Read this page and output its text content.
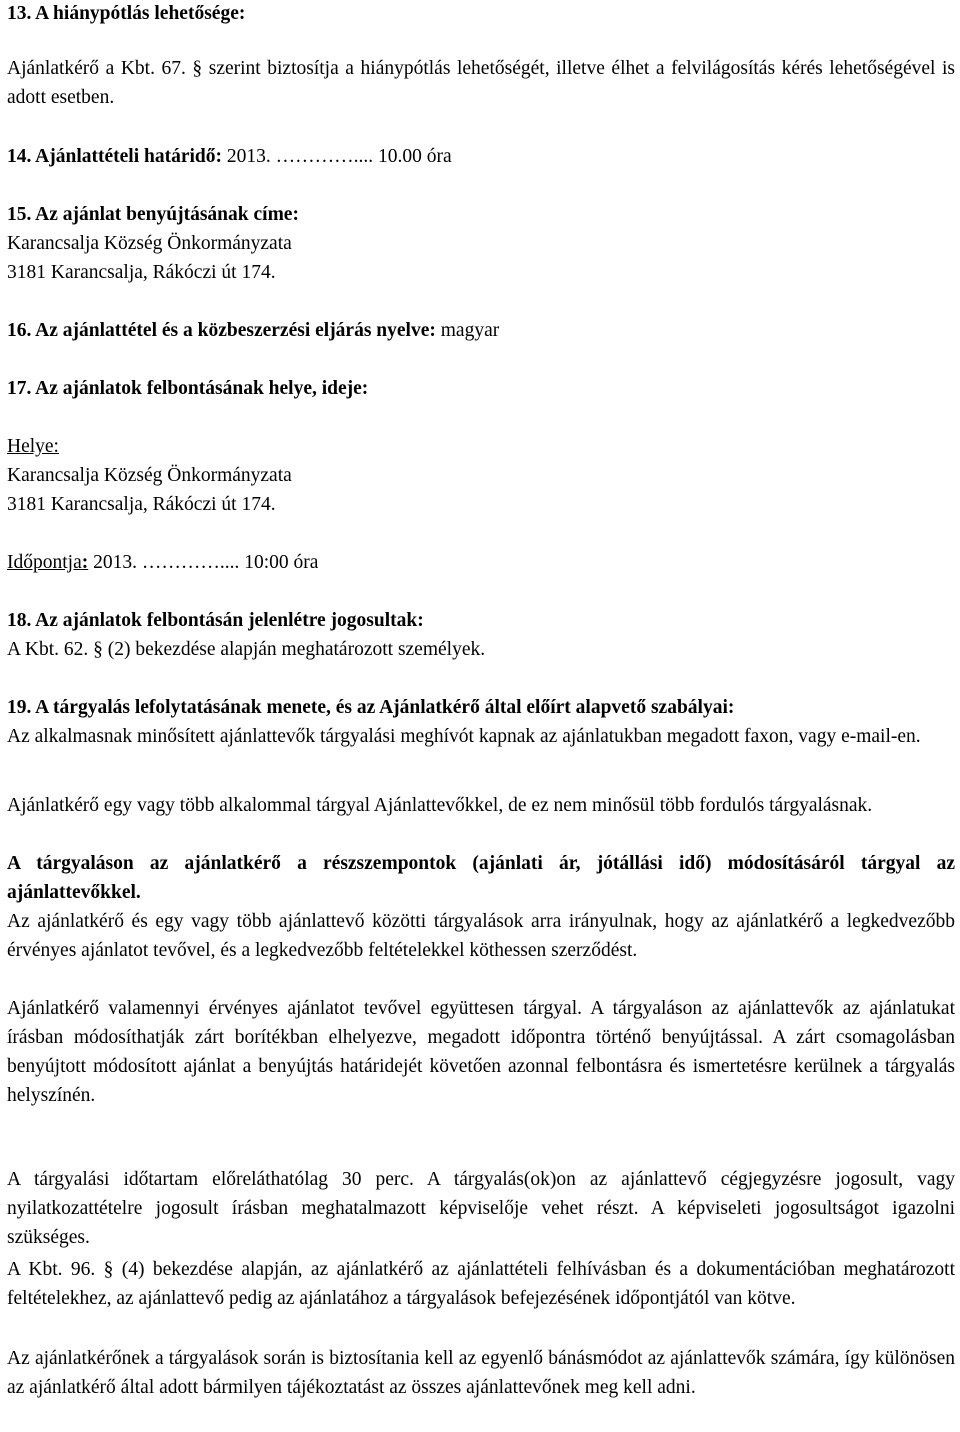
13. A hiánypótlás lehetősége:
Ajánlatkérő a Kbt. 67. § szerint biztosítja a hiánypótlás lehetőségét, illetve élhet a felvilágosítás kérés lehetőségével is adott esetben.
14. Ajánlattételi határidő: 2013. ………….... 10.00 óra
15. Az ajánlat benyújtásának címe:
Karancsalja Község Önkormányzata
3181 Karancsalja, Rákóczi út 174.
16. Az ajánlattétel és a közbeszerzési eljárás nyelve: magyar
17. Az ajánlatok felbontásának helye, ideje:
Helye:
Karancsalja Község Önkormányzata
3181 Karancsalja, Rákóczi út 174.
Időpontja: 2013. ………….... 10:00 óra
18. Az ajánlatok felbontásán jelenlétre jogosultak:
A Kbt. 62. § (2) bekezdése alapján meghatározott személyek.
19. A tárgyalás lefolytatásának menete, és az Ajánlatkérő által előírt alapvető szabályai:
Az alkalmasnak minősített ajánlattevők tárgyalási meghívót kapnak az ajánlatukban megadott faxon, vagy e-mail-en.
Ajánlatkérő egy vagy több alkalommal tárgyal Ajánlattevőkkel, de ez nem minősül több fordulós tárgyalásnak.
A tárgyaláson az ajánlatkérő a részszempontok (ajánlati ár, jótállási idő) módosításáról tárgyal az ajánlattevőkkel.
Az ajánlatkérő és egy vagy több ajánlattevő közötti tárgyalások arra irányulnak, hogy az ajánlatkérő a legkedvezőbb érvényes ajánlatot tevővel, és a legkedvezőbb feltételekkel köthessen szerződést.
Ajánlatkérő valamennyi érvényes ajánlatot tevővel együttesen tárgyal. A tárgyaláson az ajánlattevők az ajánlatukat írásban módosíthatják zárt borítékban elhelyezve, megadott időpontra történő benyújtással. A zárt csomagolásban benyújtott módosított ajánlat a benyújtás határidejét követően azonnal felbontásra és ismertetésre kerülnek a tárgyalás helyszínén.
A tárgyalási időtartam előreláthatólag 30 perc. A tárgyalás(ok)on az ajánlattevő cégjegyzésre jogosult, vagy nyilatkozattételre jogosult írásban meghatalmazott képviselője vehet részt. A képviseleti jogosultságot igazolni szükséges.
A Kbt. 96. § (4) bekezdése alapján, az ajánlatkérő az ajánlattételi felhívásban és a dokumentációban meghatározott feltételekhez, az ajánlattevő pedig az ajánlatához a tárgyalások befejezésének időpontjától van kötve.
Az ajánlatkérőnek a tárgyalások során is biztosítania kell az egyenlő bánásmódot az ajánlattevők számára, így különösen az ajánlatkérő által adott bármilyen tájékoztatást az összes ajánlattevőnek meg kell adni.
